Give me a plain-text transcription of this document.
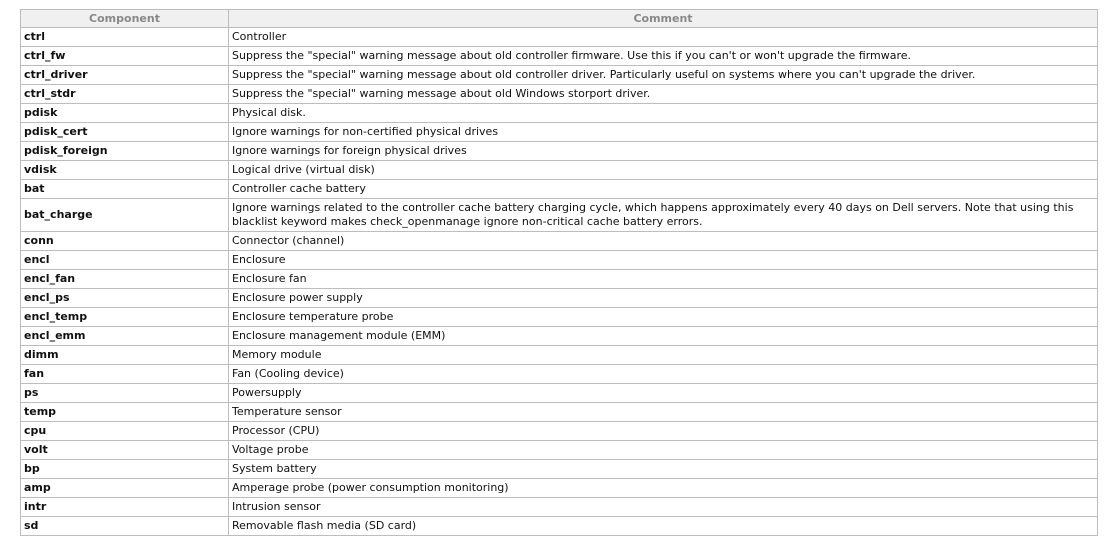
Component	Comment
ctrl	Controller
ctrl_fw	Suppress the "special" warning message about old controller firmware. Use this if you can't or won't upgrade the firmware.
ctrl_driver	Suppress the "special" warning message about old controller driver. Particularly useful on systems where you can't upgrade the driver.
ctrl_stdr	Suppress the "special" warning message about old Windows storport driver.
pdisk	Physical disk.
pdisk_cert	Ignore warnings for non-certified physical drives
pdisk_foreign	Ignore warnings for foreign physical drives
vdisk	Logical drive (virtual disk)
bat	Controller cache battery
bat_charge	Ignore warnings related to the controller cache battery charging cycle, which happens approximately every 40 days on Dell servers. Note that using this blacklist keyword makes check_openmanage ignore non-critical cache battery errors.
conn	Connector (channel)
encl	Enclosure
encl_fan	Enclosure fan
encl_ps	Enclosure power supply
encl_temp	Enclosure temperature probe
encl_emm	Enclosure management module (EMM)
dimm	Memory module
fan	Fan (Cooling device)
ps	Powersupply
temp	Temperature sensor
cpu	Processor (CPU)
volt	Voltage probe
bp	System battery
amp	Amperage probe (power consumption monitoring)
intr	Intrusion sensor
sd	Removable flash media (SD card)
